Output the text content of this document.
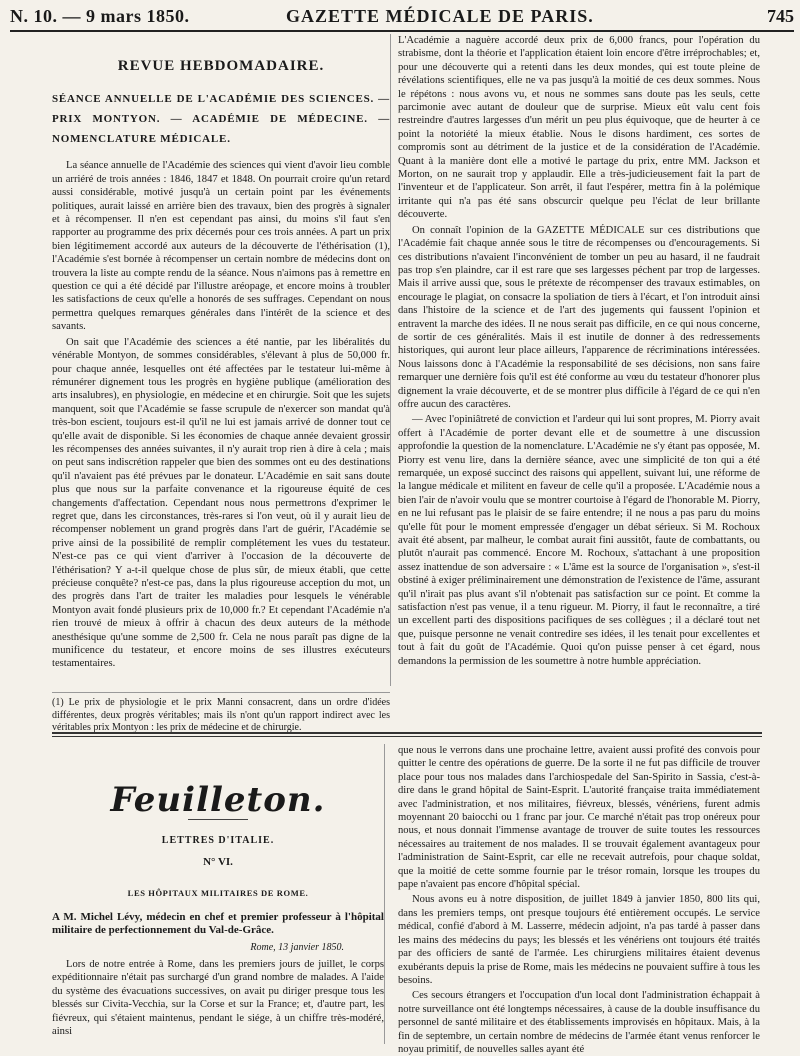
N. 10. — 9 mars 1850.	GAZETTE MÉDICALE DE PARIS.	745
REVUE HEBDOMADAIRE.
SÉANCE ANNUELLE DE L'ACADÉMIE DES SCIENCES. — PRIX MONTYON. — ACADÉMIE DE MÉDECINE. — NOMENCLATURE MÉDICALE.

La séance annuelle de l'Académie des sciences qui vient d'avoir lieu comble un arriéré de trois années : 1846, 1847 et 1848. On pourrait croire qu'un retard aussi considérable, motivé jusqu'à un certain point par les événements politiques, aurait laissé en arrière bien des travaux, bien des progrès à signaler et à récompenser. Il n'en est cependant pas ainsi, du moins s'il faut s'en rapporter au programme des prix décernés pour ces trois années. A part un prix bien légitimement accordé aux auteurs de la découverte de l'éthérisation (1), l'Académie s'est bornée à récompenser un certain nombre de médecins dont on trouvera la liste au compte rendu de la séance. Nous n'aimons pas à remettre en question ce qui a été décidé par l'illustre aréopage, et encore moins à troubler les satisfactions de ceux qu'elle a honorés de ses suffrages. Cependant on nous permettra quelques remarques générales dans l'intérêt de la science et des savants.

On sait que l'Académie des sciences a été nantie, par les libéralités du vénérable Montyon, de sommes considérables, s'élevant à plus de 50,000 fr. pour chaque année, lesquelles ont été affectées par le testateur lui-même à rémunérer dignement tous les progrès en hygiène publique (amélioration des arts insalubres), en physiologie, en médecine et en chirurgie. Soit que les sujets manquent, soit que l'Académie se fasse scrupule de n'exercer son mandat qu'à très-bon escient, toujours est-il qu'il ne lui est jamais arrivé de donner tout ce qu'elle avait de disponible. Si les économies de chaque année devaient grossir les récompenses des années suivantes, il n'y aurait trop rien à dire à cela ; mais on peut sans indiscrétion rappeler que bien des sommes ont eu des destinations qu'il n'avaient pas été prévues par le donateur. L'Académie en sait sans doute plus que nous sur la parfaite convenance et la rigoureuse équité de ces changements d'affectation. Cependant nous nous permettrons d'exprimer le regret que, dans les circonstances, très-rares si l'on veut, où il y aurait lieu de récompenser noblement un grand progrès dans l'art de guérir, l'Académie se prive ainsi de la possibilité de remplir complétement les vues du testateur. N'est-ce pas ce qui vient d'arriver à l'occasion de la découverte de l'éthérisation? Y a-t-il quelque chose de plus sûr, de mieux établi, que cette précieuse conquête? n'est-ce pas, dans la plus rigoureuse acception du mot, un des progrès dans l'art de traiter les maladies pour lesquels le vénérable Montyon avait fondé plusieurs prix de 10,000 fr.? Et cependant l'Académie n'a rien trouvé de mieux à offrir à chacun des deux auteurs de la méthode anesthésique qu'une somme de 2,500 fr. Cela ne nous paraît pas digne de la munificence du testateur, et encore moins de ses illustres exécuteurs testamentaires.

(1) Le prix de physiologie et le prix Manni consacrent, dans un ordre d'idées différentes, deux progrès véritables; mais ils n'ont qu'un rapport indirect avec les véritables prix Montyon : les prix de médecine et de chirurgie.

L'Académie a naguère accordé deux prix de 6,000 francs, pour l'opération du strabisme, dont la théorie et l'application étaient loin encore d'être irréprochables; et, pour une découverte qui a retenti dans les deux mondes, qui est toute pleine de révélations scientifiques, elle ne va pas jusqu'à la moitié de ces deux sommes. Nous le répétons : nous avons vu, et nous ne sommes sans doute pas les seuls, cette parcimonie avec autant de douleur que de surprise. Mieux eût valu cent fois restreindre d'autres largesses d'un mérit un peu plus équivoque, que de heurter à ce point la notoriété la mieux établie. Nous le disons hardiment, ces sortes de compromis sont au détriment de la justice et de la considération de l'Académie. Quant à la manière dont elle a motivé le partage du prix, entre MM. Jackson et Morton, on ne saurait trop y applaudir. Elle a très-judicieusement fait la part de l'inventeur et de l'applicateur. Son arrêt, il faut l'espérer, mettra fin à la polémique irritante qui n'a pas été sans obscurcir quelque peu l'éclat de leur brillante découverte.

On connaît l'opinion de la GAZETTE MÉDICALE sur ces distributions que l'Académie fait chaque année sous le titre de récompenses ou d'encouragements. Si ces distributions n'avaient l'inconvénient de tomber un peu au hasard, il ne faudrait pas trop s'en plaindre, car il est rare que ses largesses péchent par trop de largesses. Mais il arrive aussi que, sous le prétexte de récompenser des travaux estimables, on encourage le plagiat, on consacre la spoliation de tiers à l'écart, et l'on introduit ainsi dans l'histoire de la science et de l'art des jugements qui faussent l'opinion et entravent la marche des idées. Il ne nous serait pas difficile, en ce qui nous concerne, de sortir de ces généralités. Mais il est inutile de donner à des redressements historiques, qui auront leur place ailleurs, l'apparence de récriminations intéressées. Nous laissons donc à l'Académie la responsabilité de ses décisions, non sans faire remarquer une dernière fois qu'il est été conforme au vœu du testateur d'honorer plus dignement la vraie découverte, et de se montrer plus difficile à l'égard de ce qui n'en offre aucun des caractères.

— Avec l'opiniâtreté de conviction et l'ardeur qui lui sont propres, M. Piorry avait offert à l'Académie de porter devant elle et de soumettre à une discussion approfondie la question de la nomenclature. L'Académie ne s'y étant pas opposée, M. Piorry est venu lire, dans la dernière séance, avec une simplicité de ton qui a été remarquée, un exposé succinct des raisons qui appellent, suivant lui, une réforme de la langue médicale et militent en faveur de celle qu'il a proposée. L'Académie nous a bien l'air de n'avoir voulu que se montrer courtoise à l'égard de l'honorable M. Piorry, en ne lui refusant pas le plaisir de se faire entendre; il ne nous a pas paru du moins qu'elle fût pour le moment empressée d'engager un débat sérieux. Si M. Rochoux avait été absent, par malheur, le combat aurait fini aussitôt, faute de combattants, ou plutôt n'aurait pas commencé. Encore M. Rochoux, s'attachant à une proposition assez inattendue de son adversaire : « L'âme est la source de l'organisation », s'est-il obstiné à exiger préliminairement une démonstration de l'existence de l'âme, assurant qu'il n'irait pas plus avant s'il n'obtenait pas satisfaction sur ce point. Et comme la satisfaction n'est pas venue, il a tenu rigueur. M. Piorry, il faut le reconnaître, a tiré un excellent parti des dispositions pacifiques de ses collègues ; il a déclaré tout net que, puisque personne ne venait contredire ses idées, il les tenait pour excellentes et tout à fait du goût de l'Académie. Quoi qu'on puisse penser à cet égard, nous demandons la permission de les soumettre à notre humble appréciation.

Feuilleton.
LETTRES D'ITALIE.
N° VI.
LES HÔPITAUX MILITAIRES DE ROME.
A M. Michel Lévy, médecin en chef et premier professeur à l'hôpital militaire de perfectionnement du Val-de-Grâce.
Rome, 13 janvier 1850.

Lors de notre entrée à Rome, dans les premiers jours de juillet, le corps expéditionnaire n'était pas surchargé d'un grand nombre de malades. A l'aide du système des évacuations successives, on avait pu diriger presque tous les blessés sur Civita-Vecchia, sur la Corse et sur la France; et, d'autre part, les fiévreux, qui s'étaient maintenus, pendant le siége, à un chiffre très-modéré, ainsi

que nous le verrons dans une prochaine lettre, avaient aussi profité des convois pour quitter le centre des opérations de guerre. De la sorte il ne fut pas difficile de trouver place pour tous nos malades dans l'archiospedale del San-Spirito in Sassia, c'est-à-dire dans le grand hôpital de Saint-Esprit. L'autorité française traita immédiatement avec l'administration, et nos militaires, fiévreux, blessés, vénériens, furent admis moyennant 20 baiocchi ou 1 franc par jour. Ce marché n'était pas trop onéreux pour nous, et nous donnait l'immense avantage de trouver de suite toutes les ressources nécessaires au traitement de nos malades. Il se trouvait également avantageux pour l'administration de Saint-Esprit, car elle ne recevait autrefois, pour chaque soldat, que la moitié de cette somme fournie par le trésor romain, lorsque les troupes du pape n'avaient pas encore d'hôpital spécial.

Nous avons eu à notre disposition, de juillet 1849 à janvier 1850, 800 lits qui, dans les premiers temps, ont presque toujours été entièrement occupés. Le service médical, confié d'abord à M. Lasserre, médecin adjoint, n'a pas tardé à passer dans les mains des médecins du pays; les blessés et les vénériens ont toujours été traités par des officiers de santé de l'armée. Les chirurgiens militaires étaient devenus exubérants depuis la prise de Rome, mais les médecins ne pouvaient suffire à tous les besoins.

Ces secours étrangers et l'occupation d'un local dont l'administration échappait à notre surveillance ont été longtemps nécessaires, à cause de la double insuffisance du personnel de santé militaire et des établissements improvisés en hôpitaux. Mais, à la fin de septembre, un certain nombre de médecins de l'armée étant venus renforcer le noyau primitif, de nouvelles salles ayant été
